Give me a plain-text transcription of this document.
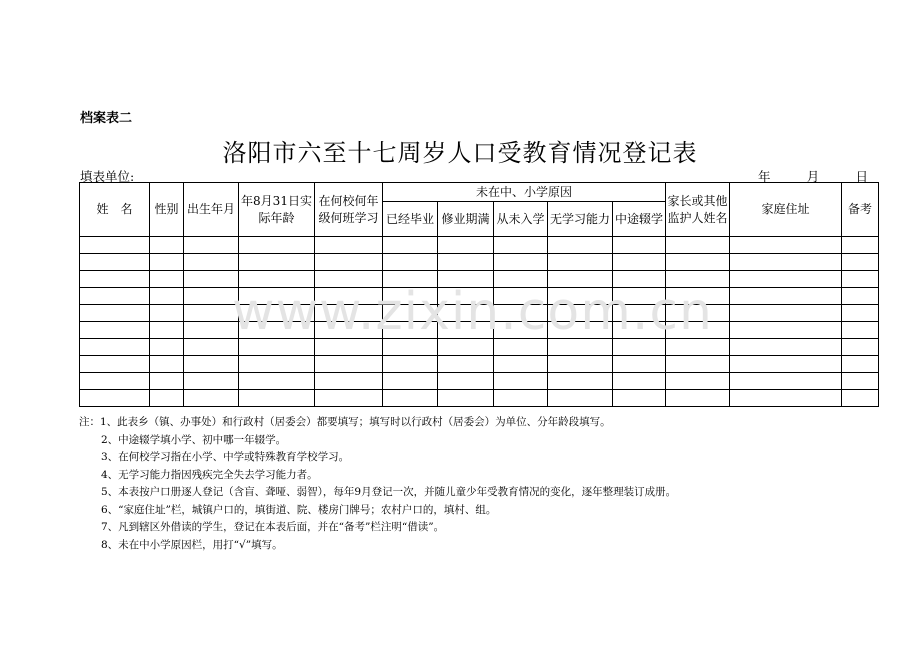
档案表二
洛阳市六至十七周岁人口受教育情况登记表
填表单位:	年	月	日
姓　名	性别	出生年月	年8月31日实际年龄	在何校何年级何班学习	未在中、小学原因					家长或其他监护人姓名	家庭住址	备考
					已经毕业	修业期满	从未入学	无学习能力	中途辍学			

www.zixin.com.cn
注：1、此表乡（镇、办事处）和行政村（居委会）都要填写；填写时以行政村（居委会）为单位、分年龄段填写。
2、中途辍学填小学、初中哪一年辍学。
3、在何校学习指在小学、中学或特殊教育学校学习。
4、无学习能力指因残疾完全失去学习能力者。
5、本表按户口册逐人登记（含盲、聋哑、弱智），每年9月登记一次，并随儿童少年受教育情况的变化，逐年整理装订成册。
6、“家庭住址”栏，城镇户口的，填街道、院、楼房门牌号；农村户口的，填村、组。
7、凡到辖区外借读的学生，登记在本表后面，并在“备考”栏注明“借读”。
8、未在中小学原因栏，用打“√”填写。
